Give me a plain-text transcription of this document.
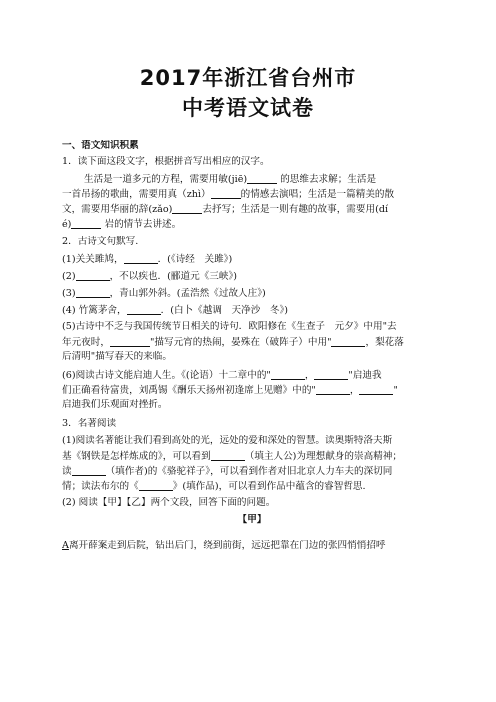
2017年浙江省台州市
中考语文试卷
一、语文知识积累
1．读下面这段文字，根据拼音写出相应的汉字。
生活是一道多元的方程，需要用敏(jiē)	的思维去求解；生活是
一首吊扬的歌曲，需要用真（zhì）	的情感去演唱；生活是一篇精美的散
文，需要用华丽的辞(zǎo)	去抒写；生活是一则有趣的故事，需要用(dí
é)	岩的情节去讲述。
2．古诗文句默写.
(1)关关雎鸠，	．(《诗经　关雎》)
(2)	，不以疾也．(郦道元《三峡》)
(3)	，青山郭外斜。(孟浩然《过故人庄》)
(4) 竹篱茅舍，	．(白卜《越调　天净沙　冬》)
(5)古诗中不乏与我国传统节日相关的诗句．欧阳修在《生查子　元夕》中用"去
年元夜时，	"描写元宵的热闹，晏殊在（破阵子）中用"	，梨花落
后清明"描写春天的来临。
(6)阅读古诗文能启迪人生。《(论语）十二章中的"	，	"启迪我
们正确看待富贵，刘禹锡《酬乐天扬州初逢席上见赠》中的"	，	"
启迪我们乐观面对挫折。
3．名著阅读
(1)阅读名著能让我们看到高处的光，远处的爱和深处的智慧。读奥斯特洛夫斯
基《钢铁是怎样炼成的》，可以看到	（填主人公)为理想献身的崇高精神；
读	（填作者)的《骆驼祥子》，可以看到作者对旧北京人力车夫的深切同
情；读法布尔的《	》(填作品)，可以看到作品中蕴含的睿智哲思.
(2) 阅读【甲】【乙】两个文段，回答下面的问题。
【甲】
A离开薛案走到后院，钻出后门，绕到前街，远远把靠在门边的张四悄悄招呼
